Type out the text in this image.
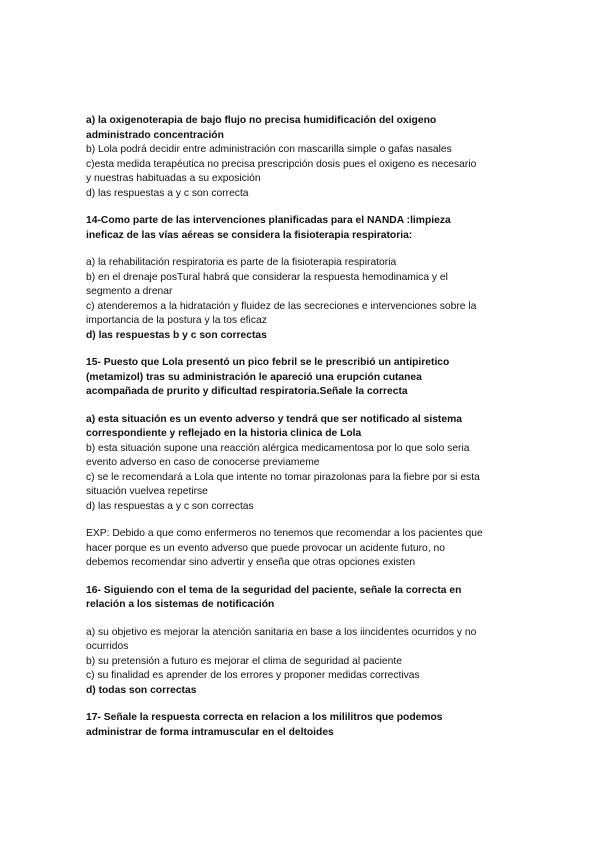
a) la oxigenoterapia de bajo flujo no precisa humidificación del oxigeno
administrado concentración
b) Lola podrá decidir entre administración con mascarilla simple o gafas nasales
c)esta medida terapéutica no precisa prescripción dosis pues el oxigeno es necesario
y nuestras habituadas a su exposición
d) las respuestas a y c son correcta
14-Como parte de las intervenciones planificadas para el NANDA :limpieza
ineficaz de las vías aéreas se considera la fisioterapia respiratoria:
a) la rehabilitación respiratoria es parte de la fisioterapia respiratoria
b) en el drenaje posTural habrá que considerar la respuesta hemodinamica y el
segmento a drenar
c) atenderemos a la hidratación y fluidez de las secreciones e intervenciones sobre la
importancia de la postura y la tos eficaz
d) las respuestas b y c son correctas
15- Puesto que Lola presentó un pico febril se le prescribió un antipiretico
(metamizol) tras su administración le apareció una erupción cutanea
acompañada de prurito y dificultad respiratoria.Señale la correcta
a) esta situación es un evento adverso y tendrá que ser notificado al sistema
correspondiente y reflejado en la historia clinica de Lola
b) esta situación supone una reacción alérgica medicamentosa por lo que solo seria
evento adverso en caso de conocerse previameme
c) se le recomendará a Lola que intente no tomar pirazolonas para la fiebre por si esta
situación vuelvea repetirse
d) las respuestas a y c son correctas
EXP: Debido a que como enfermeros no tenemos que recomendar a los pacientes que
hacer porque es un evento adverso que puede provocar un acidente futuro, no
debemos recomendar sino advertir y enseña que otras opciones existen
16- Siguiendo con el tema de la seguridad del paciente, señale la correcta en
relación a los sistemas de notificación
a) su objetivo es mejorar la atención sanitaria en base a los iincidentes ocurridos y no
ocurridos
b) su pretensión a futuro es mejorar el clima de seguridad al paciente
c) su finalidad es aprender de los errores y proponer medidas correctivas
d) todas son correctas
17- Señale la respuesta correcta en relacion a los mililitros que podemos
administrar de forma intramuscular en el deltoides
